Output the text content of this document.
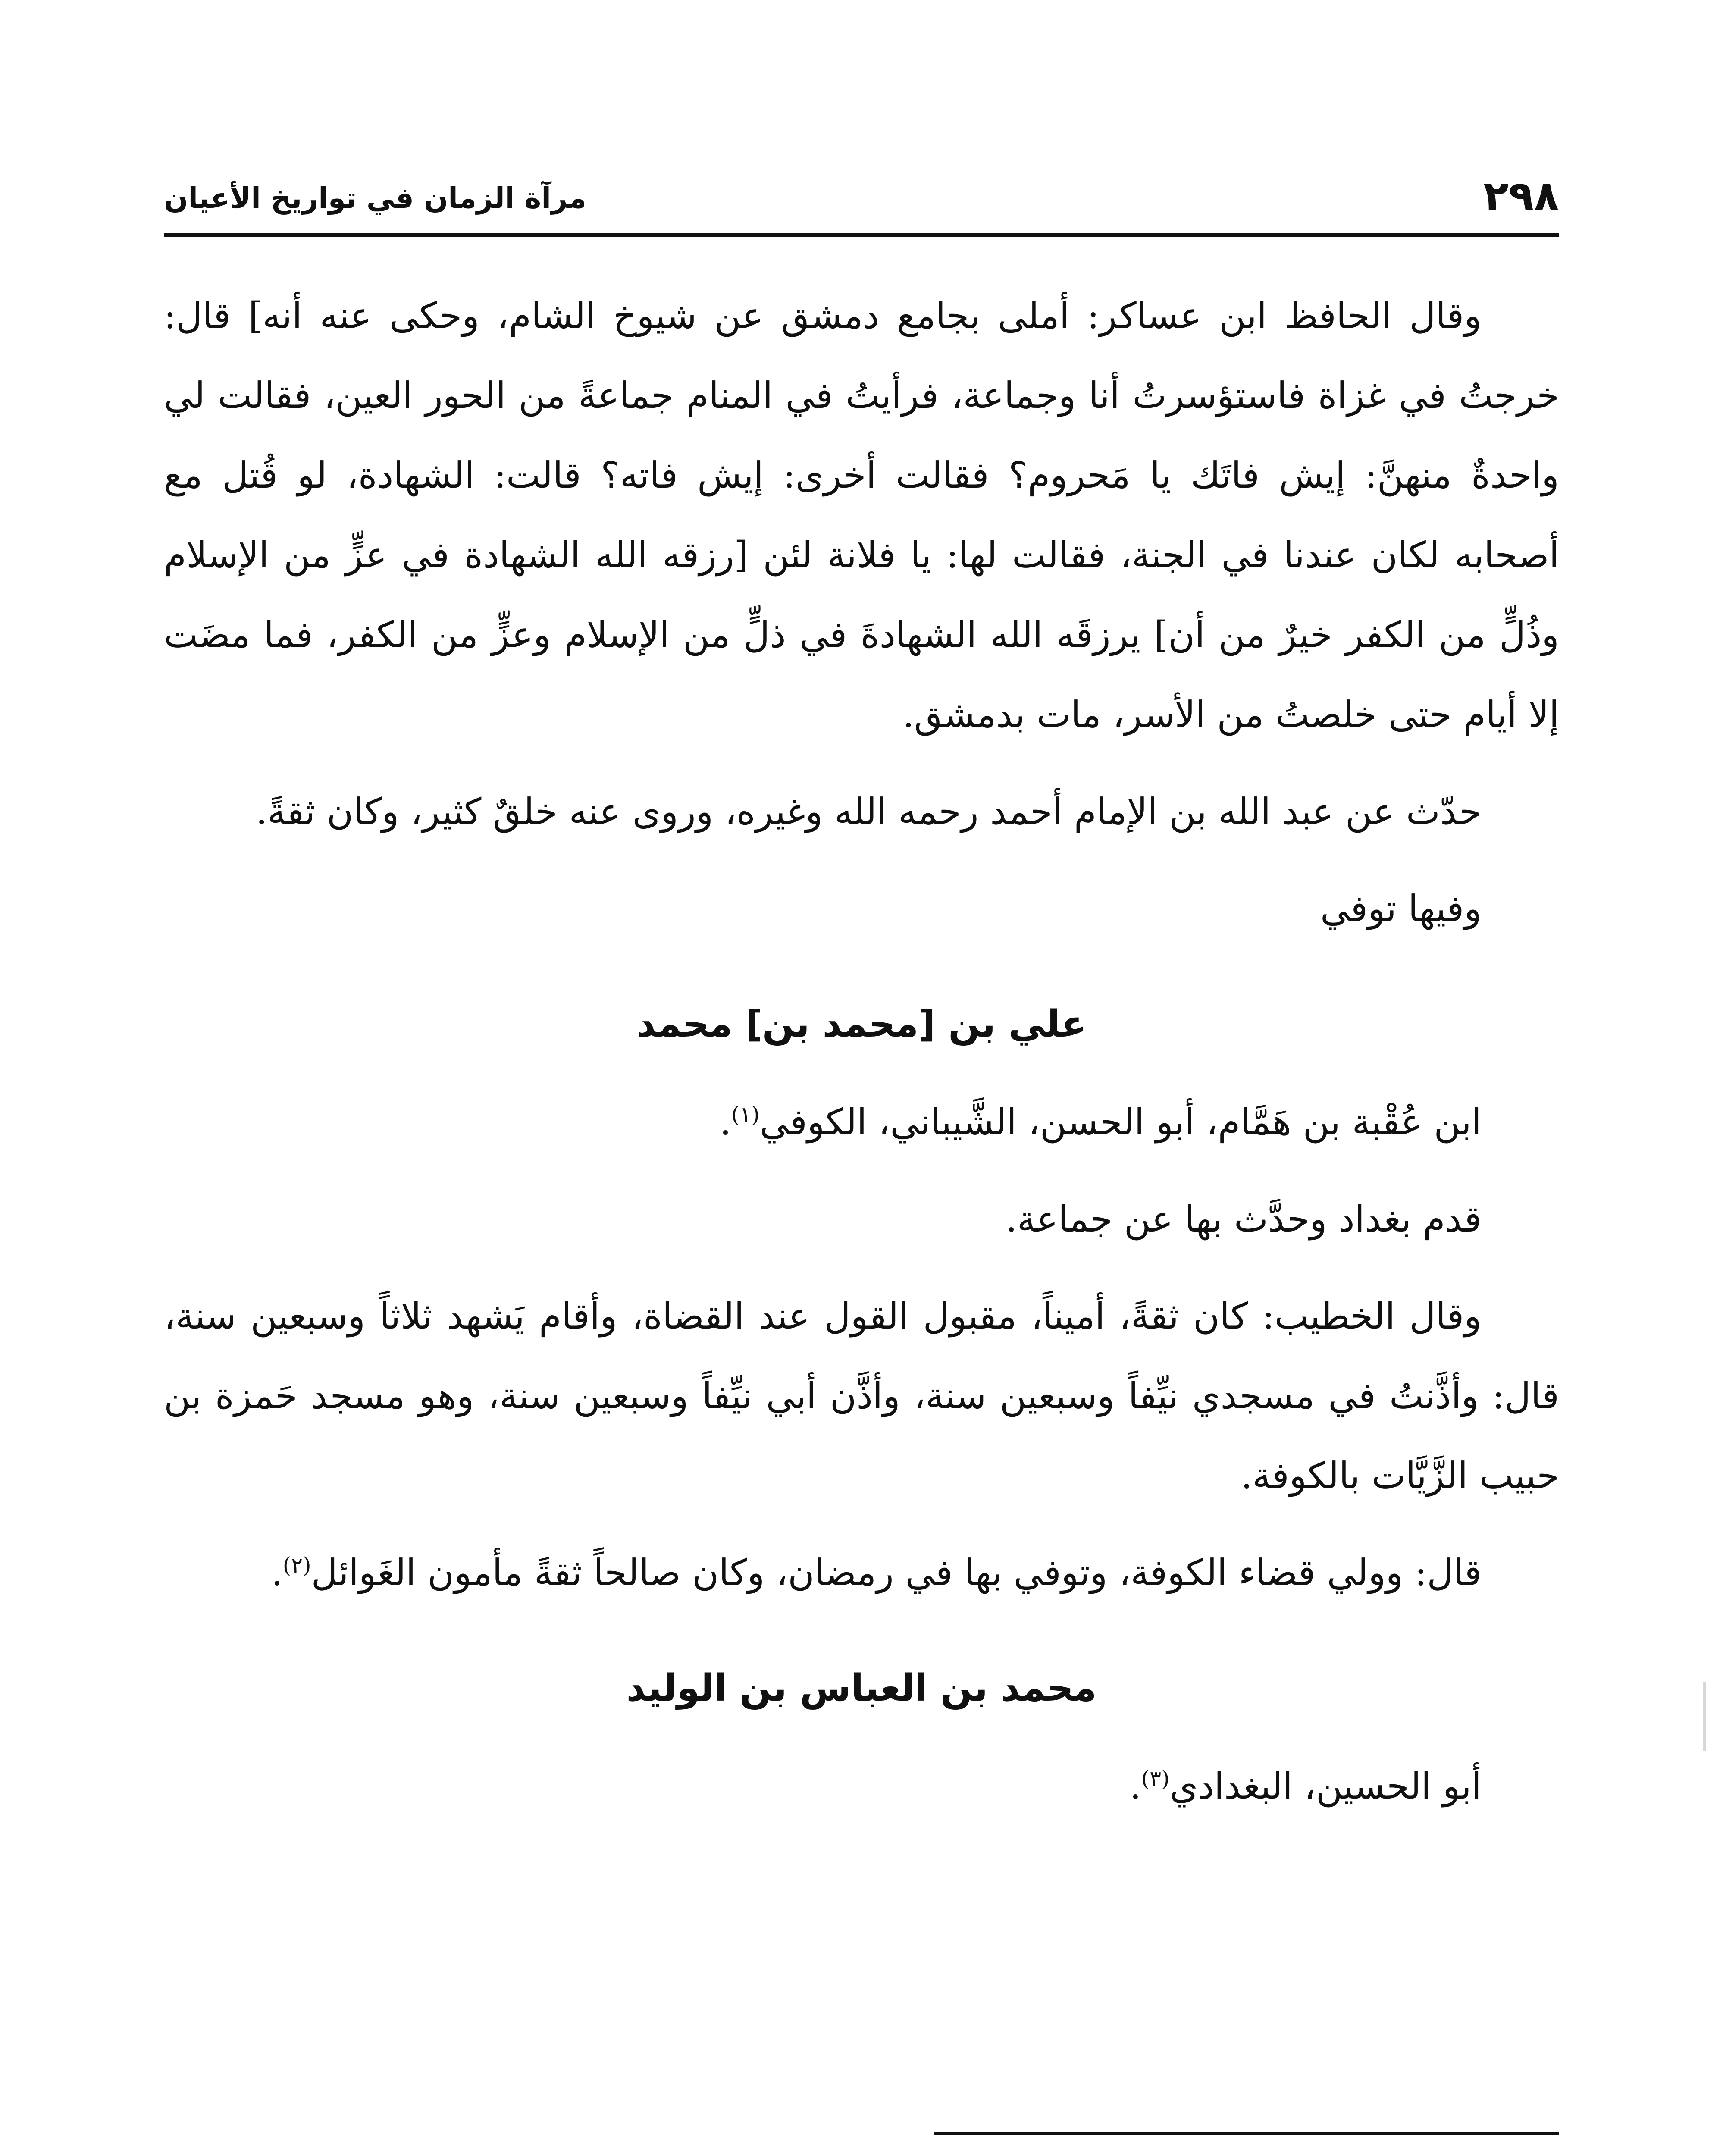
٢٩٨
مرآة الزمان في تواريخ الأعيان

وقال الحافظ ابن عساكر: أملى بجامع دمشق عن شيوخ الشام، وحكى عنه أنه] قال: خرجتُ في غزاة فاستؤسرتُ أنا وجماعة، فرأيتُ في المنام جماعةً من الحور العين، فقالت لي واحدةٌ منهنَّ: إيش فاتَك يا مَحروم؟ فقالت أخرى: إيش فاته؟ قالت: الشهادة، لو قُتل مع أصحابه لكان عندنا في الجنة، فقالت لها: يا فلانة لئن [رزقه الله الشهادة في عزٍّ من الإسلام وذُلٍّ من الكفر خيرٌ من أن] يرزقَه الله الشهادةَ في ذلٍّ من الإسلام وعزٍّ من الكفر، فما مضَت إلا أيام حتى خلصتُ من الأسر، مات بدمشق.

حدّث عن عبد الله بن الإمام أحمد رحمه الله وغيره، وروى عنه خلقٌ كثير، وكان ثقةً.

وفيها توفي

علي بن [محمد بن] محمد

ابن عُقْبة بن هَمَّام، أبو الحسن، الشَّيباني، الكوفي$^{(١)}$.

قدم بغداد وحدَّث بها عن جماعة.

وقال الخطيب: كان ثقةً، أميناً، مقبول القول عند القضاة، وأقام يَشهد ثلاثاً وسبعين سنة، قال: وأذَّنتُ في مسجدي نيِّفاً وسبعين سنة، وأذَّن أبي نيِّفاً وسبعين سنة، وهو مسجد حَمزة بن حبيب الزَّيَّات بالكوفة.

قال: وولي قضاء الكوفة، وتوفي بها في رمضان، وكان صالحاً ثقةً مأمون الغَوائل$^{(٢)}$.

محمد بن العباس بن الوليد

أبو الحسين، البغدادي$^{(٣)}$.
